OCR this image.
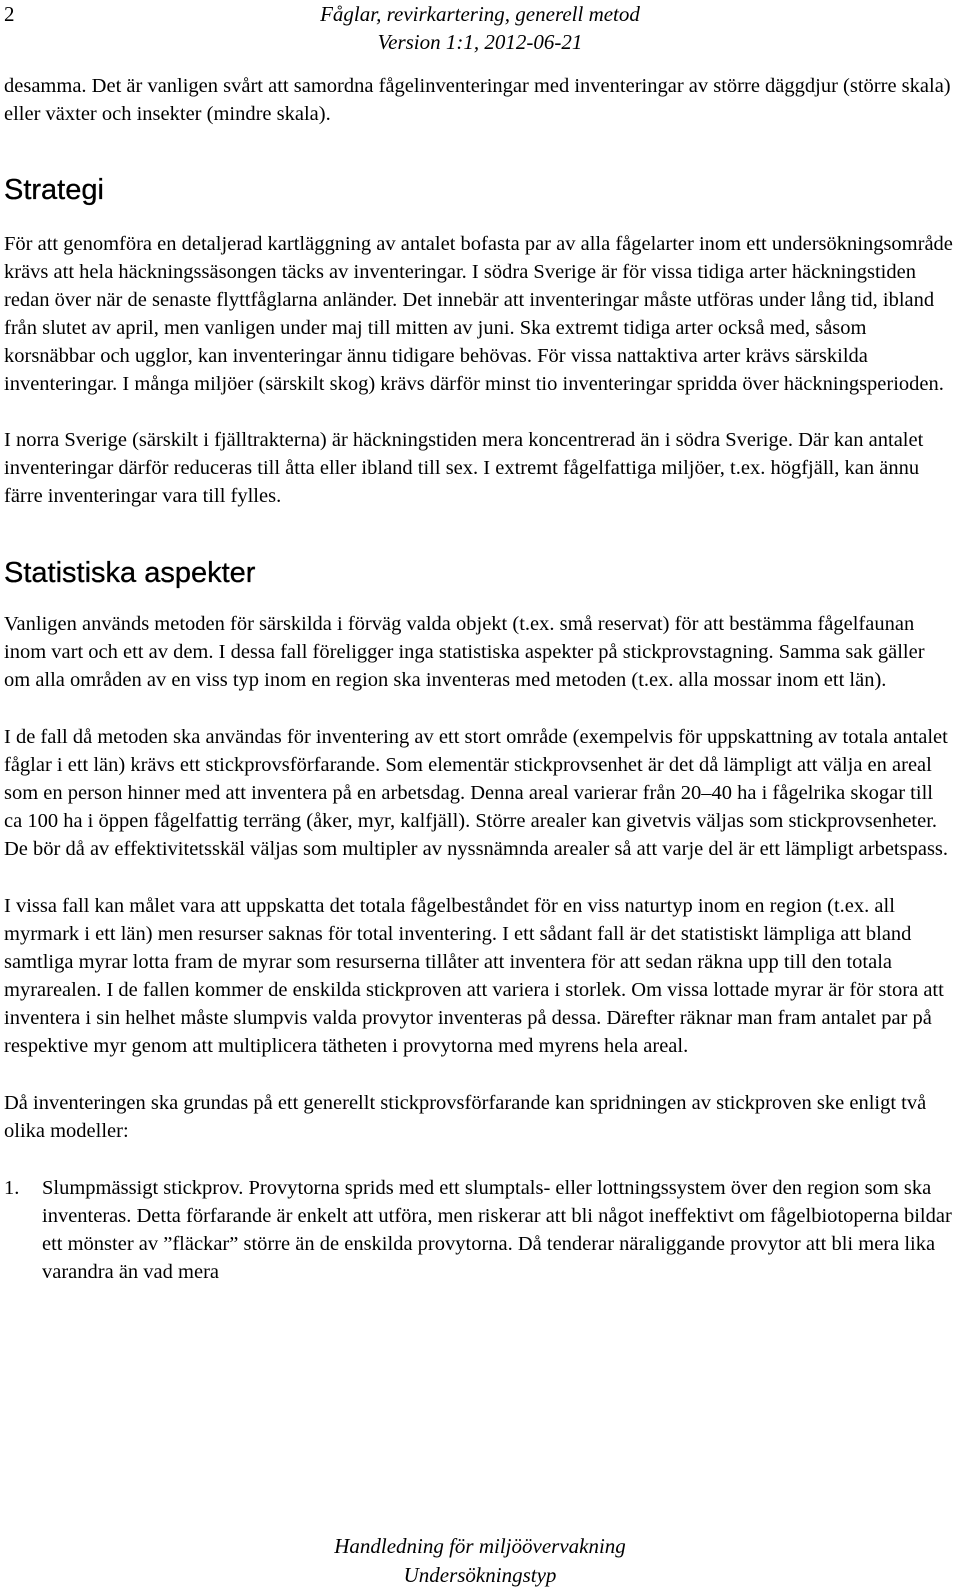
2	Fåglar, revirkartering, generell metod
Version 1:1, 2012-06-21

desamma. Det är vanligen svårt att samordna fågelinventeringar med inventeringar av större däggdjur (större skala) eller växter och insekter (mindre skala).

Strategi

För att genomföra en detaljerad kartläggning av antalet bofasta par av alla fågelarter inom ett undersökningsområde krävs att hela häckningssäsongen täcks av inventeringar. I södra Sverige är för vissa tidiga arter häckningstiden redan över när de senaste flyttfåglarna anländer. Det innebär att inventeringar måste utföras under lång tid, ibland från slutet av april, men vanligen under maj till mitten av juni. Ska extremt tidiga arter också med, såsom korsnäbbar och ugglor, kan inventeringar ännu tidigare behövas. För vissa nattaktiva arter krävs särskilda inventeringar. I många miljöer (särskilt skog) krävs därför minst tio inventeringar spridda över häckningsperioden.

I norra Sverige (särskilt i fjälltrakterna) är häckningstiden mera koncentrerad än i södra Sverige. Där kan antalet inventeringar därför reduceras till åtta eller ibland till sex. I extremt fågelfattiga miljöer, t.ex. högfjäll, kan ännu färre inventeringar vara till fylles.

Statistiska aspekter

Vanligen används metoden för särskilda i förväg valda objekt (t.ex. små reservat) för att bestämma fågelfaunan inom vart och ett av dem. I dessa fall föreligger inga statistiska aspekter på stickprovstagning. Samma sak gäller om alla områden av en viss typ inom en region ska inventeras med metoden (t.ex. alla mossar inom ett län).

I de fall då metoden ska användas för inventering av ett stort område (exempelvis för uppskattning av totala antalet fåglar i ett län) krävs ett stickprovsförfarande. Som elementär stickprovsenhet är det då lämpligt att välja en areal som en person hinner med att inventera på en arbetsdag. Denna areal varierar från 20–40 ha i fågelrika skogar till ca 100 ha i öppen fågelfattig terräng (åker, myr, kalfjäll). Större arealer kan givetvis väljas som stickprovsenheter. De bör då av effektivitetsskäl väljas som multipler av nyssnämnda arealer så att varje del är ett lämpligt arbetspass.

I vissa fall kan målet vara att uppskatta det totala fågelbeståndet för en viss naturtyp inom en region (t.ex. all myrmark i ett län) men resurser saknas för total inventering. I ett sådant fall är det statistiskt lämpliga att bland samtliga myrar lotta fram de myrar som resurserna tillåter att inventera för att sedan räkna upp till den totala myrarealen. I de fallen kommer de enskilda stickproven att variera i storlek. Om vissa lottade myrar är för stora att inventera i sin helhet måste slumpvis valda provytor inventeras på dessa. Därefter räknar man fram antalet par på respektive myr genom att multiplicera tätheten i provytorna med myrens hela areal.

Då inventeringen ska grundas på ett generellt stickprovsförfarande kan spridningen av stickproven ske enligt två olika modeller:

1.	Slumpmässigt stickprov. Provytorna sprids med ett slumptals- eller lottningssystem över den region som ska inventeras. Detta förfarande är enkelt att utföra, men riskerar att bli något ineffektivt om fågelbiotoperna bildar ett mönster av ”fläckar” större än de enskilda provytorna. Då tenderar näraliggande provytor att bli mera lika varandra än vad mera
Handledning för miljöövervakning
Undersökningstyp
